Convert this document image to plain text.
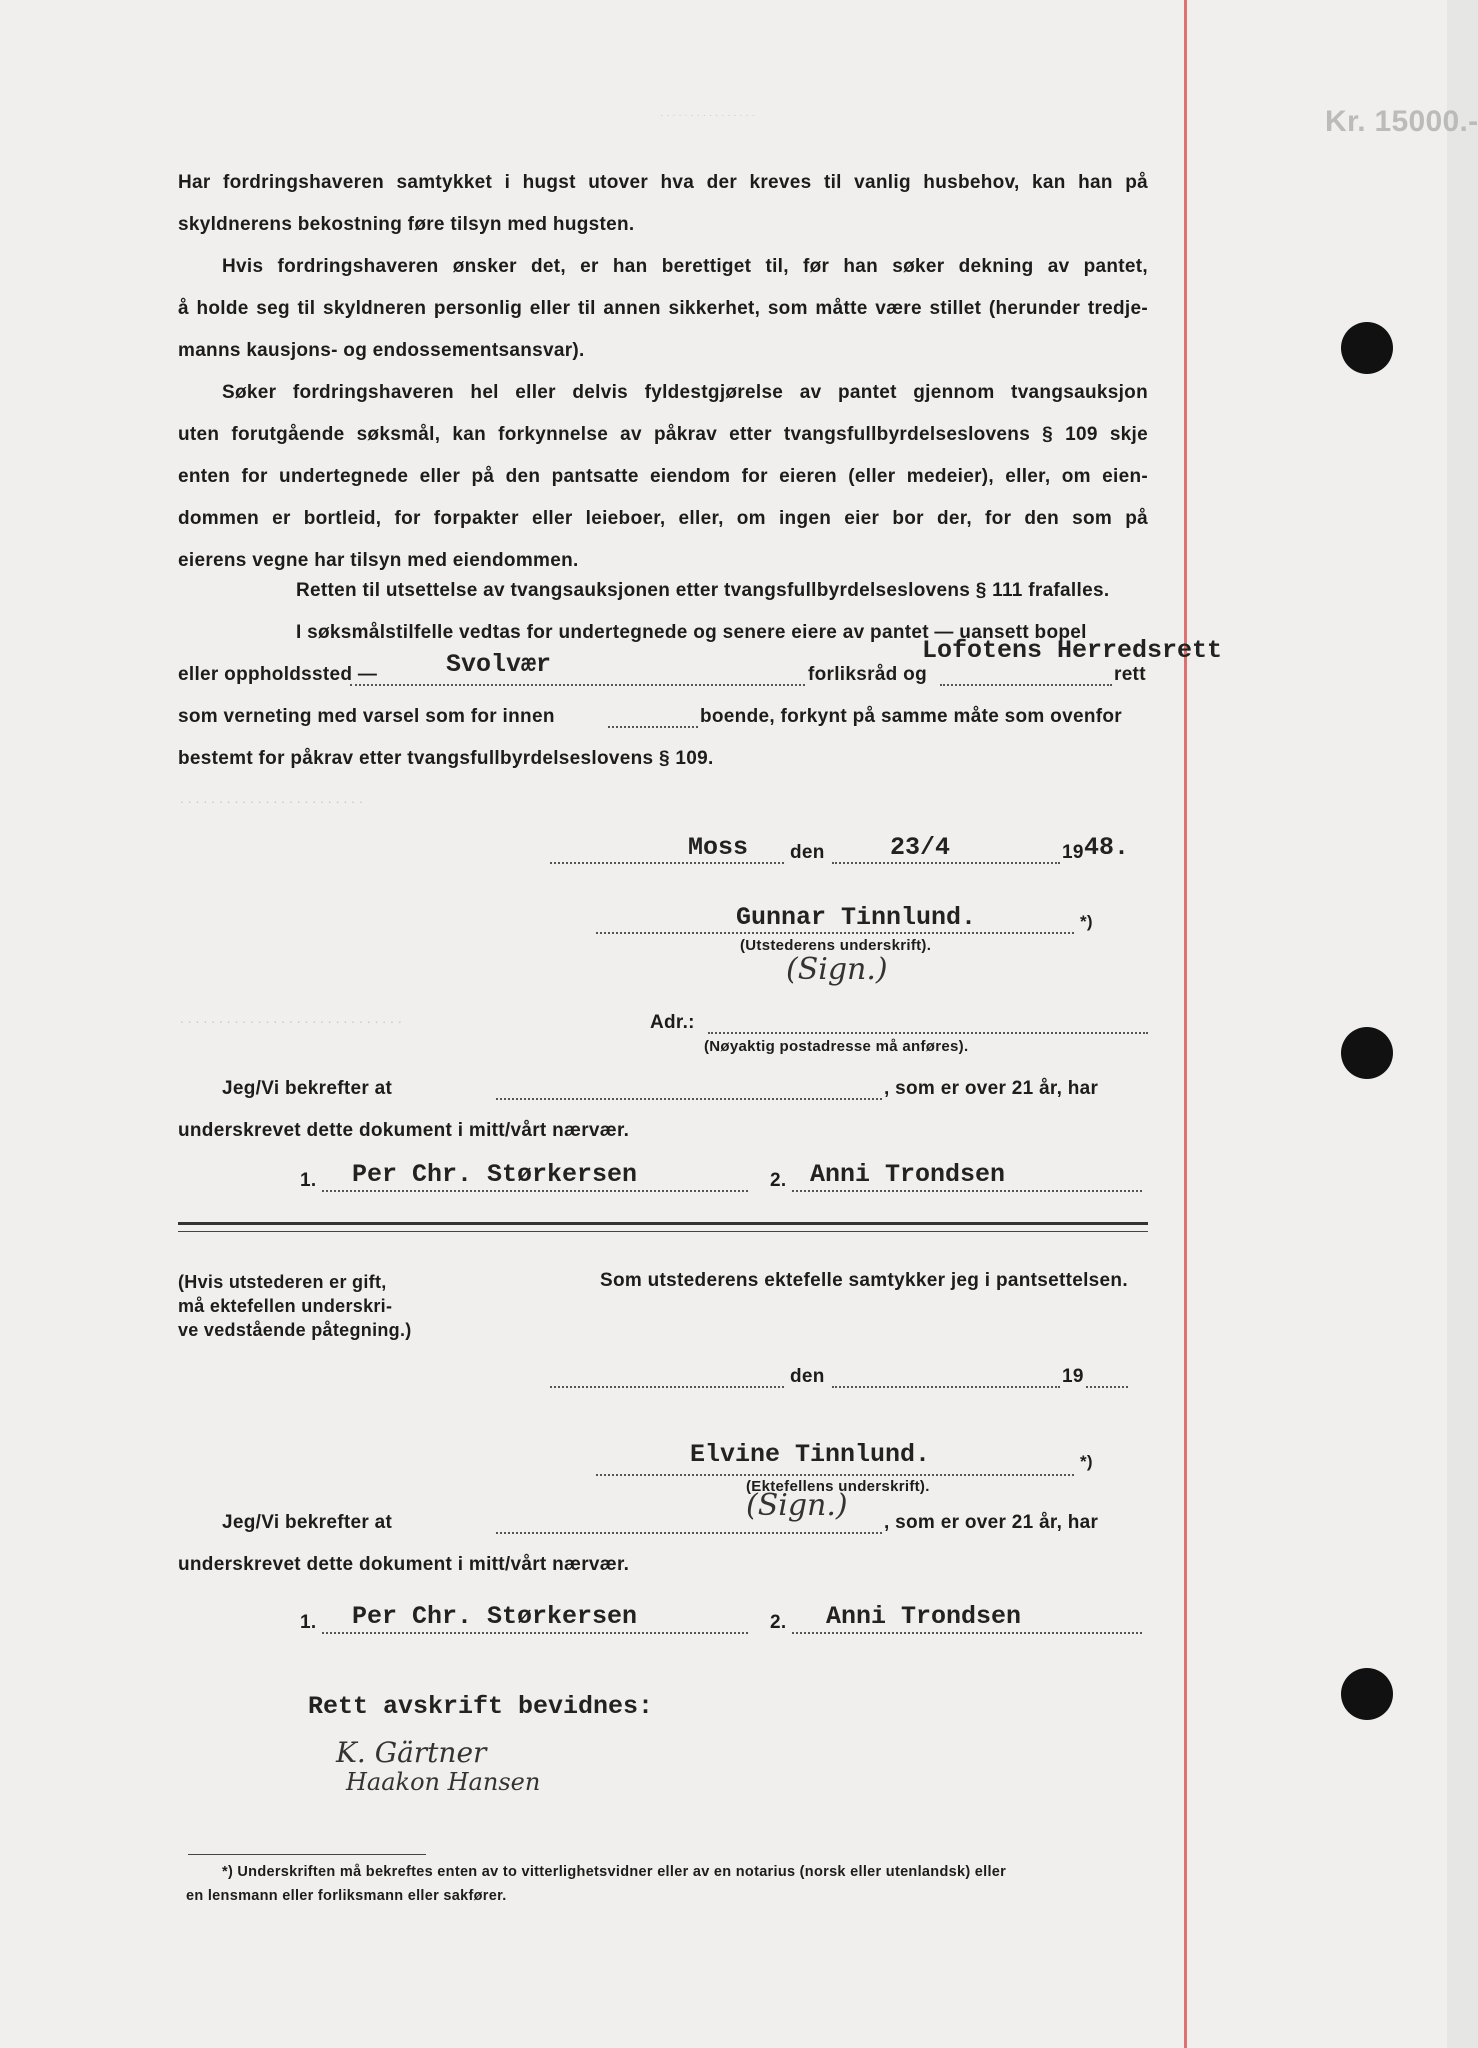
· · · · · · · · · · · · · · · ·
. . . . . . . . . . . . . . . . . . . . . . . .
. . . . . . . . . . . . . . . . . . . . . . . . . . . . .
Kr. 15000.-
Har fordringshaveren samtykket i hugst utover hva der kreves til vanlig husbehov, kan han på
skyldnerens bekostning føre tilsyn med hugsten.
Hvis fordringshaveren ønsker det, er han berettiget til, før han søker dekning av pantet,
å holde seg til skyldneren personlig eller til annen sikkerhet, som måtte være stillet (herunder tredje-
manns kausjons- og endossementsansvar).
Søker fordringshaveren hel eller delvis fyldestgjørelse av pantet gjennom tvangsauksjon
uten forutgående søksmål, kan forkynnelse av påkrav etter tvangsfullbyrdelseslovens § 109 skje
enten for undertegnede eller på den pantsatte eiendom for eieren (eller medeier), eller, om eien-
dommen er bortleid, for forpakter eller leieboer, eller, om ingen eier bor der, for den som på
eierens vegne har tilsyn med eiendommen.
Retten til utsettelse av tvangsauksjonen etter tvangsfullbyrdelseslovens § 111 frafalles.
I søksmålstilfelle vedtas for undertegnede og senere eiere av pantet — uansett bopel
eller oppholdssted —	Svolvær	forliksråd og
Lofotens Herredsrett
rett
som verneting med varsel som for innen	boende, forkynt på samme måte som ovenfor
bestemt for påkrav etter tvangsfullbyrdelseslovens § 109.
Moss den	23/4	19 48.
Gunnar Tinnlund.	*)
(Utstederens underskrift).
(Sign.)
Adr.:
(Nøyaktig postadresse må anføres).
Jeg/Vi bekrefter at	, som er over 21 år, har
underskrevet dette dokument i mitt/vårt nærvær.
1. Per Chr. Størkersen	2. Anni Trondsen
(Hvis utstederen er gift,
må ektefellen underskri-
ve vedstående påtegning.)
Som utstederens ektefelle samtykker jeg i pantsettelsen.
den	19
Elvine Tinnlund.	*)
(Ektefellens underskrift).
(Sign.)
Jeg/Vi bekrefter at	, som er over 21 år, har
underskrevet dette dokument i mitt/vårt nærvær.
1. Per Chr. Størkersen	2. Anni Trondsen
Rett avskrift bevidnes:
K. Gärtner
Haakon Hansen
*) Underskriften må bekreftes enten av to vitterlighetsvidner eller av en notarius (norsk eller utenlandsk) eller
en lensmann eller forliksmann eller sakfører.
